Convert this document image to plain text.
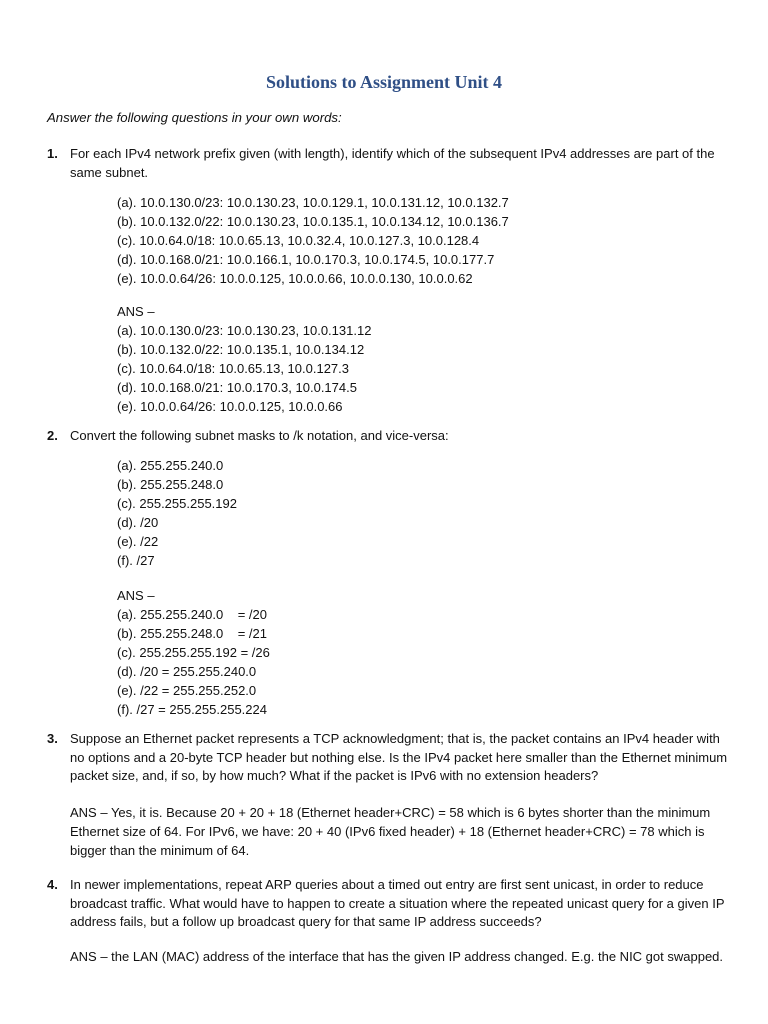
Solutions to Assignment Unit 4
Answer the following questions in your own words:
1. For each IPv4 network prefix given (with length), identify which of the subsequent IPv4 addresses are part of the same subnet.
(a). 10.0.130.0/23: 10.0.130.23, 10.0.129.1, 10.0.131.12, 10.0.132.7
(b). 10.0.132.0/22: 10.0.130.23, 10.0.135.1, 10.0.134.12, 10.0.136.7
(c). 10.0.64.0/18: 10.0.65.13, 10.0.32.4, 10.0.127.3, 10.0.128.4
(d). 10.0.168.0/21: 10.0.166.1, 10.0.170.3, 10.0.174.5, 10.0.177.7
(e). 10.0.0.64/26: 10.0.0.125, 10.0.0.66, 10.0.0.130, 10.0.0.62
ANS –
(a). 10.0.130.0/23: 10.0.130.23, 10.0.131.12
(b). 10.0.132.0/22: 10.0.135.1, 10.0.134.12
(c). 10.0.64.0/18: 10.0.65.13, 10.0.127.3
(d). 10.0.168.0/21: 10.0.170.3, 10.0.174.5
(e). 10.0.0.64/26: 10.0.0.125, 10.0.0.66
2. Convert the following subnet masks to /k notation, and vice-versa:
(a). 255.255.240.0
(b). 255.255.248.0
(c). 255.255.255.192
(d). /20
(e). /22
(f). /27
ANS –
(a). 255.255.240.0    = /20
(b). 255.255.248.0    = /21
(c). 255.255.255.192 = /26
(d). /20 = 255.255.240.0
(e). /22 = 255.255.252.0
(f). /27 = 255.255.255.224
3. Suppose an Ethernet packet represents a TCP acknowledgment; that is, the packet contains an IPv4 header with no options and a 20-byte TCP header but nothing else. Is the IPv4 packet here smaller than the Ethernet minimum packet size, and, if so, by how much? What if the packet is IPv6 with no extension headers?
ANS – Yes, it is. Because 20 + 20 + 18 (Ethernet header+CRC) = 58 which is 6 bytes shorter than the minimum Ethernet size of 64. For IPv6, we have: 20 + 40 (IPv6 fixed header) + 18 (Ethernet header+CRC) = 78 which is bigger than the minimum of 64.
4. In newer implementations, repeat ARP queries about a timed out entry are first sent unicast, in order to reduce broadcast traffic. What would have to happen to create a situation where the repeated unicast query for a given IP address fails, but a follow up broadcast query for that same IP address succeeds?
ANS – the LAN (MAC) address of the interface that has the given IP address changed. E.g. the NIC got swapped.
